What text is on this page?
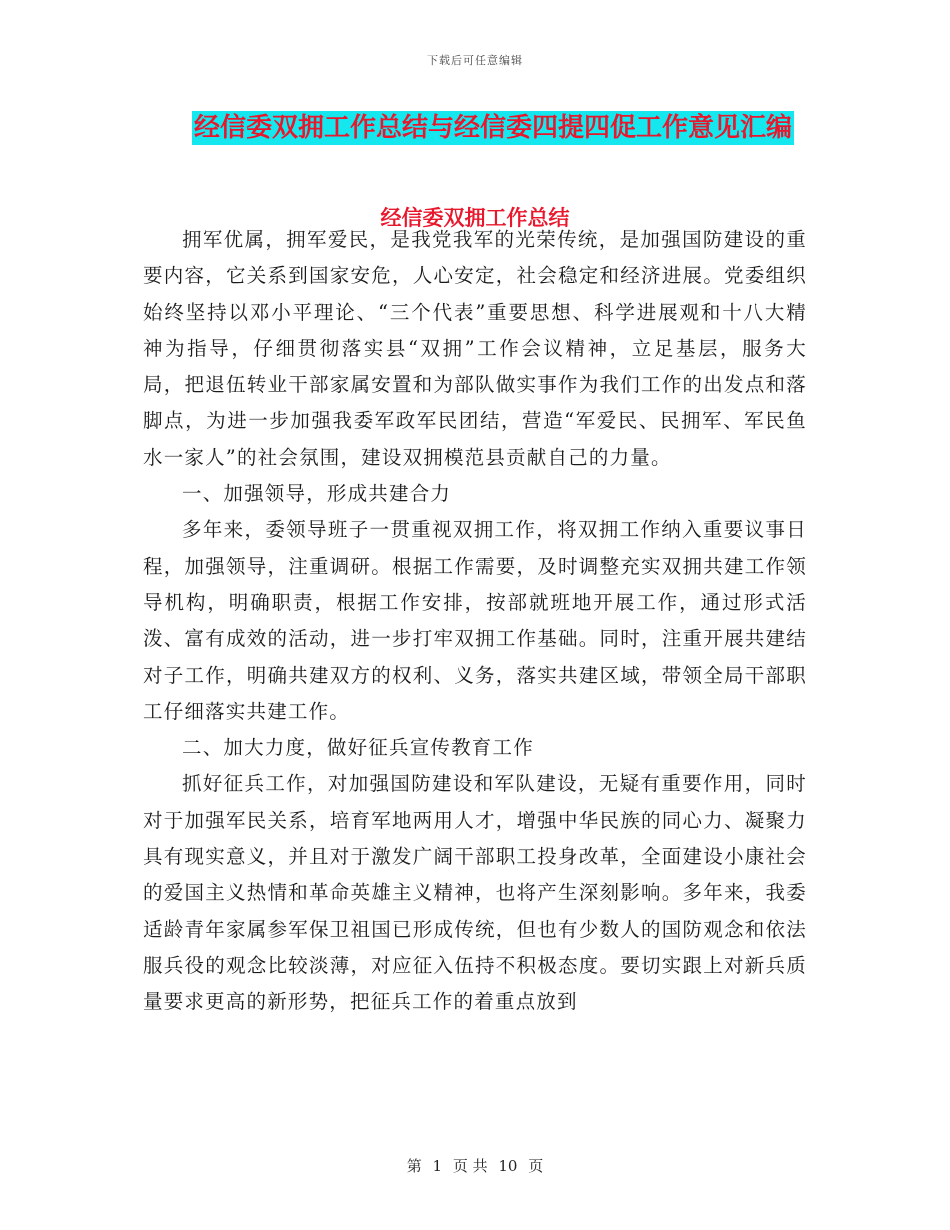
下载后可任意编辑
经信委双拥工作总结与经信委四提四促工作意见汇编
经信委双拥工作总结

拥军优属，拥军爱民，是我党我军的光荣传统，是加强国防建设的重要内容，它关系到国家安危，人心安定，社会稳定和经济进展。党委组织始终坚持以邓小平理论、“三个代表”重要思想、科学进展观和十八大精神为指导，仔细贯彻落实县“双拥”工作会议精神，立足基层，服务大局，把退伍转业干部家属安置和为部队做实事作为我们工作的出发点和落脚点，为进一步加强我委军政军民团结，营造“军爱民、民拥军、军民鱼水一家人”的社会氛围，建设双拥模范县贡献自己的力量。

一、加强领导，形成共建合力

多年来，委领导班子一贯重视双拥工作，将双拥工作纳入重要议事日程，加强领导，注重调研。根据工作需要，及时调整充实双拥共建工作领导机构，明确职责，根据工作安排，按部就班地开展工作，通过形式活泼、富有成效的活动，进一步打牢双拥工作基础。同时，注重开展共建结对子工作，明确共建双方的权利、义务，落实共建区域，带领全局干部职工仔细落实共建工作。

二、加大力度，做好征兵宣传教育工作

抓好征兵工作，对加强国防建设和军队建设，无疑有重要作用，同时对于加强军民关系，培育军地两用人才，增强中华民族的同心力、凝聚力具有现实意义，并且对于激发广阔干部职工投身改革，全面建设小康社会的爱国主义热情和革命英雄主义精神，也将产生深刻影响。多年来，我委适龄青年家属参军保卫祖国已形成传统，但也有少数人的国防观念和依法服兵役的观念比较淡薄，对应征入伍持不积极态度。要切实跟上对新兵质量要求更高的新形势，把征兵工作的着重点放到

第 1 页 共 10 页
